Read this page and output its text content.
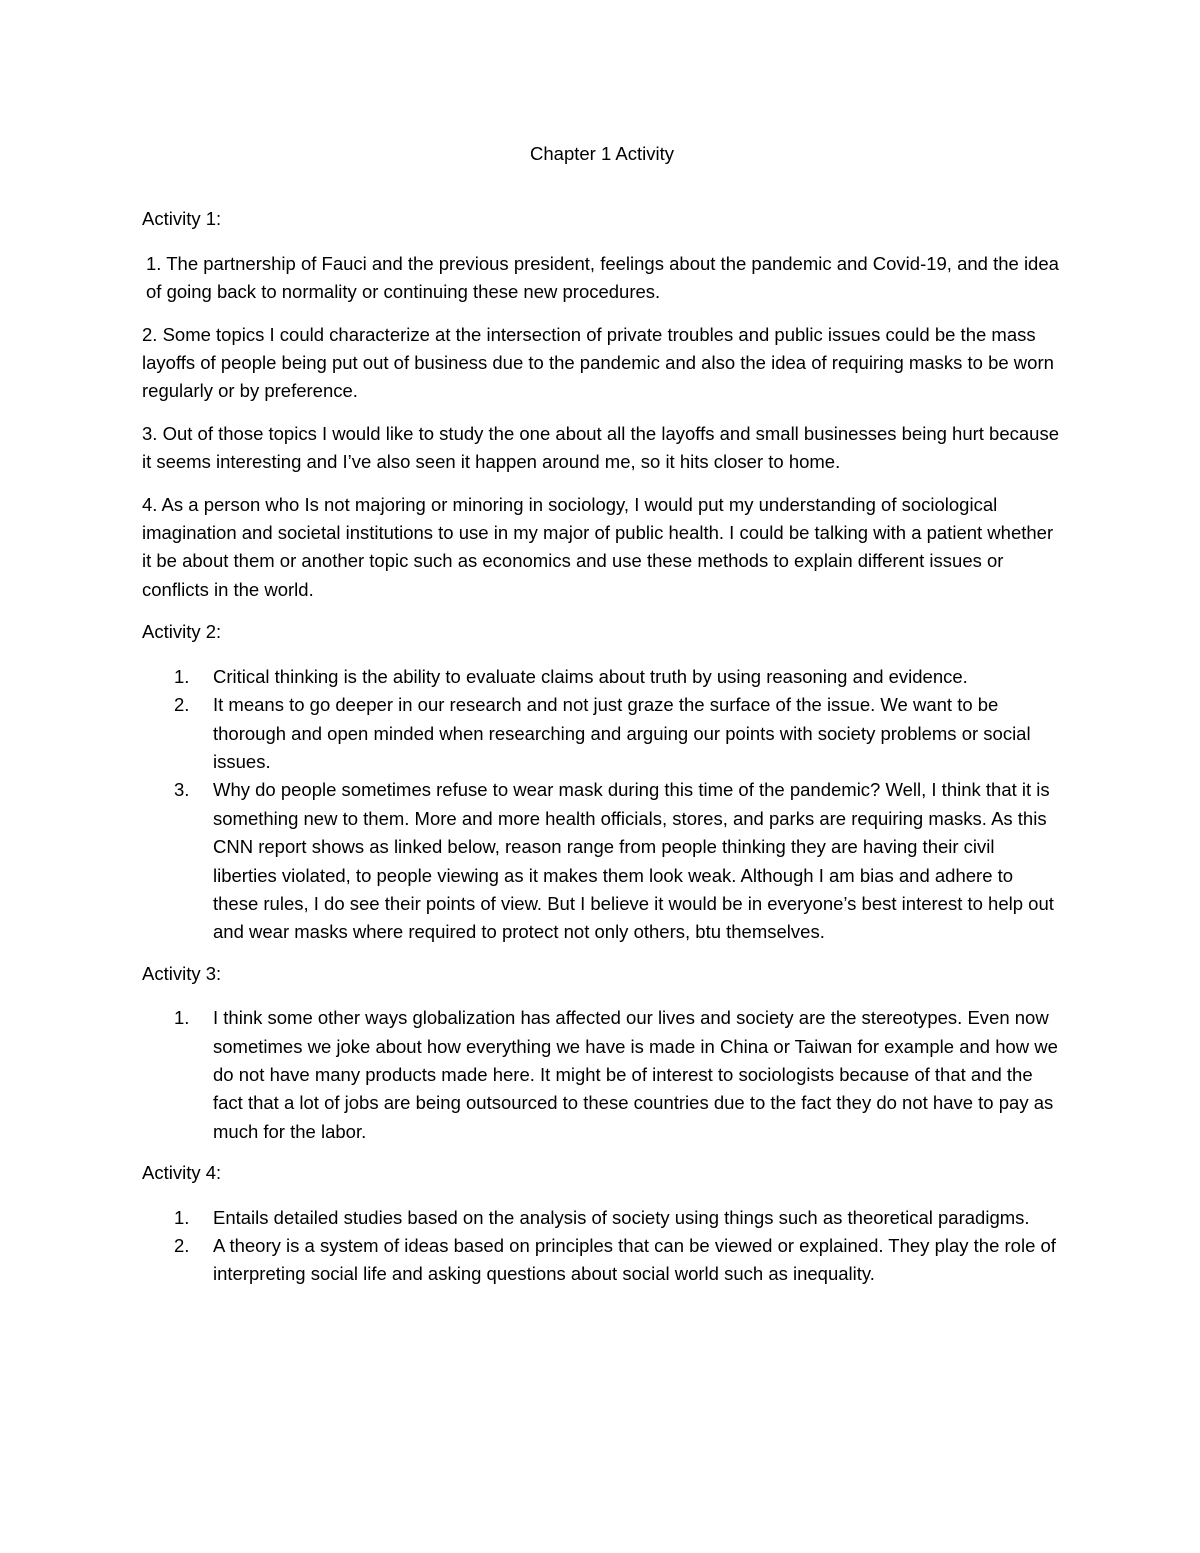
Chapter 1 Activity
Activity 1:

1. The partnership of Fauci and the previous president, feelings about the pandemic and Covid-19, and the idea of going back to normality or continuing these new procedures.

2. Some topics I could characterize at the intersection of private troubles and public issues could be the mass layoffs of people being put out of business due to the pandemic and also the idea of requiring masks to be worn regularly or by preference.

3. Out of those topics I would like to study the one about all the layoffs and small businesses being hurt because it seems interesting and I’ve also seen it happen around me, so it hits closer to home.

4. As a person who Is not majoring or minoring in sociology, I would put my understanding of sociological imagination and societal institutions to use in my major of public health. I could be talking with a patient whether it be about them or another topic such as economics and use these methods to explain different issues or conflicts in the world.

Activity 2:
1. Critical thinking is the ability to evaluate claims about truth by using reasoning and evidence.
2. It means to go deeper in our research and not just graze the surface of the issue. We want to be thorough and open minded when researching and arguing our points with society problems or social issues.
3. Why do people sometimes refuse to wear mask during this time of the pandemic? Well, I think that it is something new to them. More and more health officials, stores, and parks are requiring masks. As this CNN report shows as linked below, reason range from people thinking they are having their civil liberties violated, to people viewing as it makes them look weak. Although I am bias and adhere to these rules, I do see their points of view. But I believe it would be in everyone’s best interest to help out and wear masks where required to protect not only others, btu themselves.
Activity 3:
1. I think some other ways globalization has affected our lives and society are the stereotypes. Even now sometimes we joke about how everything we have is made in China or Taiwan for example and how we do not have many products made here. It might be of interest to sociologists because of that and the fact that a lot of jobs are being outsourced to these countries due to the fact they do not have to pay as much for the labor.
Activity 4:
1. Entails detailed studies based on the analysis of society using things such as theoretical paradigms.
2. A theory is a system of ideas based on principles that can be viewed or explained. They play the role of interpreting social life and asking questions about social world such as inequality.
